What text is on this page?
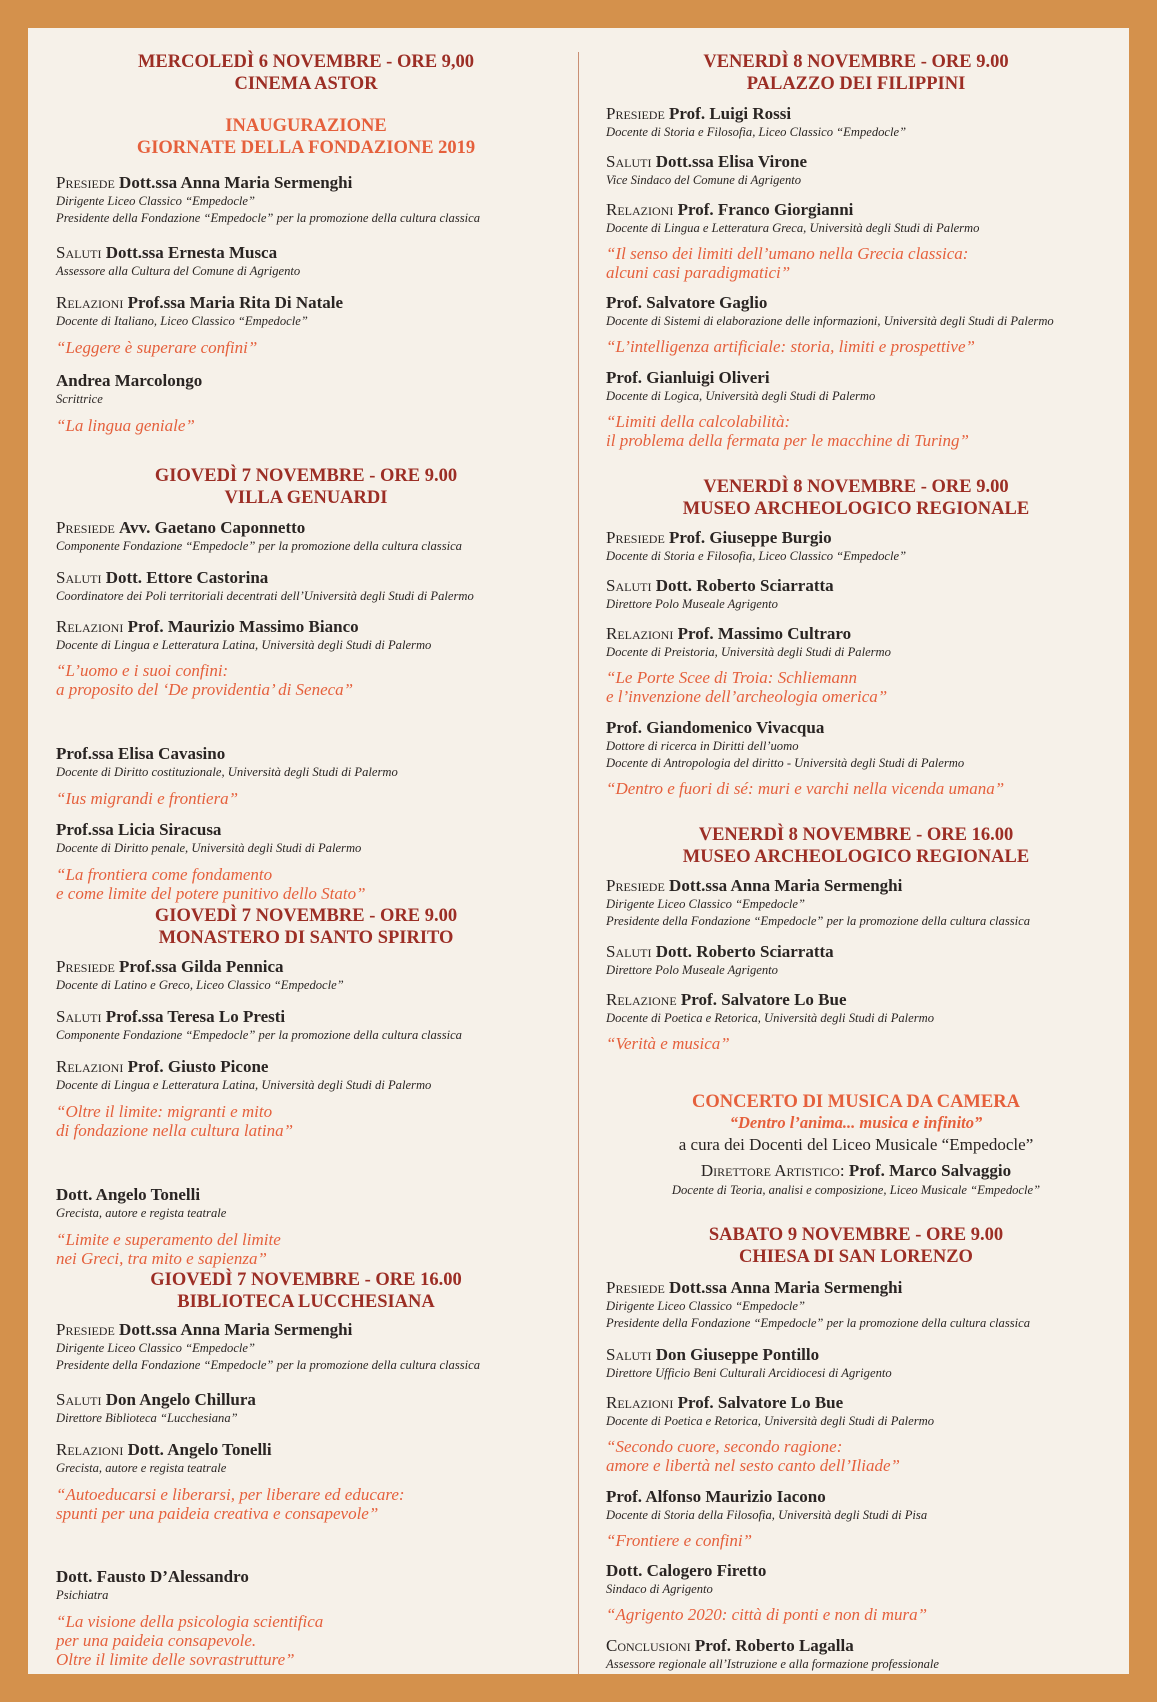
MERCOLEDÌ 6 NOVEMBRE - ORE 9,00

CINEMA ASTOR

INAUGURAZIONE

GIORNATE DELLA FONDAZIONE 2019

Presiede Dott.ssa Anna Maria Sermenghi

Dirigente Liceo Classico “Empedocle”

Presidente della Fondazione “Empedocle” per la promozione della cultura classica

Saluti Dott.ssa Ernesta Musca

Assessore alla Cultura del Comune di Agrigento

Relazioni Prof.ssa Maria Rita Di Natale

Docente di Italiano, Liceo Classico “Empedocle”

“Leggere è superare confini”

Andrea Marcolongo

Scrittrice

“La lingua geniale”

GIOVEDÌ 7 NOVEMBRE - ORE 9.00

VILLA GENUARDI

Presiede Avv. Gaetano Caponnetto

Componente Fondazione “Empedocle” per la promozione della cultura classica

Saluti Dott. Ettore Castorina

Coordinatore dei Poli territoriali decentrati dell’Università degli Studi di Palermo

Relazioni Prof. Maurizio Massimo Bianco

Docente di Lingua e Letteratura Latina, Università degli Studi di Palermo

“L’uomo e i suoi confini:

a proposito del ‘De providentia’ di Seneca”

Prof.ssa Elisa Cavasino

Docente di Diritto costituzionale, Università degli Studi di Palermo

“Ius migrandi e frontiera”

Prof.ssa Licia Siracusa

Docente di Diritto penale, Università degli Studi di Palermo

“La frontiera come fondamento

e come limite del potere punitivo dello Stato”

GIOVEDÌ 7 NOVEMBRE - ORE 9.00

MONASTERO DI SANTO SPIRITO

Presiede Prof.ssa Gilda Pennica

Docente di Latino e Greco, Liceo Classico “Empedocle”

Saluti Prof.ssa Teresa Lo Presti

Componente Fondazione “Empedocle” per la promozione della cultura classica

Relazioni Prof. Giusto Picone

Docente di Lingua e Letteratura Latina, Università degli Studi di Palermo

“Oltre il limite: migranti e mito

di fondazione nella cultura latina”

Dott. Angelo Tonelli

Grecista, autore e regista teatrale

“Limite e superamento del limite

nei Greci, tra mito e sapienza”

GIOVEDÌ 7 NOVEMBRE - ORE 16.00

BIBLIOTECA LUCCHESIANA

Presiede Dott.ssa Anna Maria Sermenghi

Dirigente Liceo Classico “Empedocle”

Presidente della Fondazione “Empedocle” per la promozione della cultura classica

Saluti Don Angelo Chillura

Direttore Biblioteca “Lucchesiana”

Relazioni Dott. Angelo Tonelli

Grecista, autore e regista teatrale

“Autoeducarsi e liberarsi, per liberare ed educare:

spunti per una paideia creativa e consapevole”

Dott. Fausto D’Alessandro

Psichiatra

“La visione della psicologia scientifica

per una paideia consapevole.

Oltre il limite delle sovrastrutture”

VENERDÌ 8 NOVEMBRE - ORE 9.00

PALAZZO DEI FILIPPINI

Presiede Prof. Luigi Rossi

Docente di Storia e Filosofia, Liceo Classico “Empedocle”

Saluti Dott.ssa Elisa Virone

Vice Sindaco del Comune di Agrigento

Relazioni Prof. Franco Giorgianni

Docente di Lingua e Letteratura Greca, Università degli Studi di Palermo

“Il senso dei limiti dell’umano nella Grecia classica:

alcuni casi paradigmatici”

Prof. Salvatore Gaglio

Docente di Sistemi di elaborazione delle informazioni, Università degli Studi di Palermo

“L’intelligenza artificiale: storia, limiti e prospettive”

Prof. Gianluigi Oliveri

Docente di Logica, Università degli Studi di Palermo

“Limiti della calcolabilità:

il problema della fermata per le macchine di Turing”

VENERDÌ 8 NOVEMBRE - ORE 9.00

MUSEO ARCHEOLOGICO REGIONALE

Presiede Prof. Giuseppe Burgio

Docente di Storia e Filosofia, Liceo Classico “Empedocle”

Saluti Dott. Roberto Sciarratta

Direttore Polo Museale Agrigento

Relazioni Prof. Massimo Cultraro

Docente di Preistoria, Università degli Studi di Palermo

“Le Porte Scee di Troia: Schliemann

e l’invenzione dell’archeologia omerica”

Prof. Giandomenico Vivacqua

Dottore di ricerca in Diritti dell’uomo

Docente di Antropologia del diritto - Università degli Studi di Palermo

“Dentro e fuori di sé: muri e varchi nella vicenda umana”

VENERDÌ 8 NOVEMBRE - ORE 16.00

MUSEO ARCHEOLOGICO REGIONALE

Presiede Dott.ssa Anna Maria Sermenghi

Dirigente Liceo Classico “Empedocle”

Presidente della Fondazione “Empedocle” per la promozione della cultura classica

Saluti Dott. Roberto Sciarratta

Direttore Polo Museale Agrigento

Relazione Prof. Salvatore Lo Bue

Docente di Poetica e Retorica, Università degli Studi di Palermo

“Verità e musica”

CONCERTO DI MUSICA DA CAMERA

“Dentro l’anima... musica e infinito”

a cura dei Docenti del Liceo Musicale “Empedocle”

Direttore Artistico: Prof. Marco Salvaggio

Docente di Teoria, analisi e composizione, Liceo Musicale “Empedocle”

SABATO 9 NOVEMBRE - ORE 9.00

CHIESA DI SAN LORENZO

Presiede Dott.ssa Anna Maria Sermenghi

Dirigente Liceo Classico “Empedocle”

Presidente della Fondazione “Empedocle” per la promozione della cultura classica

Saluti Don Giuseppe Pontillo

Direttore Ufficio Beni Culturali Arcidiocesi di Agrigento

Relazioni Prof. Salvatore Lo Bue

Docente di Poetica e Retorica, Università degli Studi di Palermo

“Secondo cuore, secondo ragione:

amore e libertà nel sesto canto dell’Iliade”

Prof. Alfonso Maurizio Iacono

Docente di Storia della Filosofia, Università degli Studi di Pisa

“Frontiere e confini”

Dott. Calogero Firetto

Sindaco di Agrigento

“Agrigento 2020: città di ponti e non di mura”

Conclusioni Prof. Roberto Lagalla

Assessore regionale all’Istruzione e alla formazione professionale
